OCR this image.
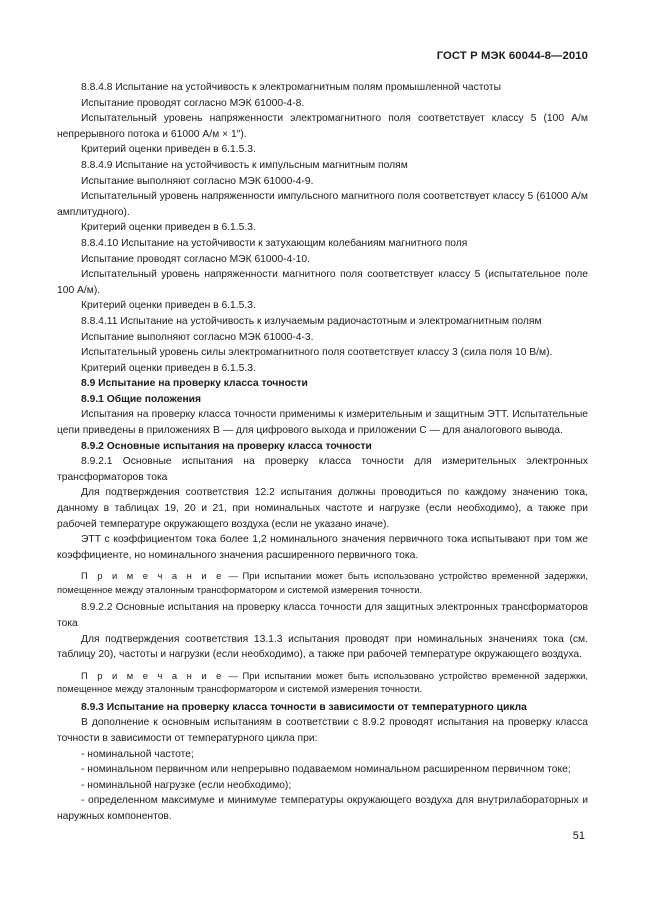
ГОСТ Р МЭК 60044-8—2010

8.8.4.8 Испытание на устойчивость к электромагнитным полям промышленной частоты

Испытание проводят согласно МЭК 61000-4-8.

Испытательный уровень напряженности электромагнитного поля соответствует классу 5 (100 А/м непрерывного потока и 61000 А/м × 1″).

Критерий оценки приведен в 6.1.5.3.

8.8.4.9 Испытание на устойчивость к импульсным магнитным полям

Испытание выполняют согласно МЭК 61000-4-9.

Испытательный уровень напряженности импульсного магнитного поля соответствует классу 5 (61000 А/м амплитудного).

Критерий оценки приведен в 6.1.5.3.

8.8.4.10 Испытание на устойчивости к затухающим колебаниям магнитного поля

Испытание проводят согласно МЭК 61000-4-10.

Испытательный уровень напряженности магнитного поля соответствует классу 5 (испытательное поле 100 А/м).

Критерий оценки приведен в 6.1.5.3.

8.8.4.11 Испытание на устойчивость к излучаемым радиочастотным и электромагнитным полям

Испытание выполняют согласно МЭК 61000-4-3.

Испытательный уровень силы электромагнитного поля соответствует классу 3 (сила поля 10 В/м).

Критерий оценки приведен в 6.1.5.3.

8.9 Испытание на проверку класса точности

8.9.1 Общие положения

Испытания на проверку класса точности применимы к измерительным и защитным ЭТТ. Испытательные цепи приведены в приложениях В — для цифрового выхода и приложении С — для аналогового вывода.

8.9.2 Основные испытания на проверку класса точности

8.9.2.1 Основные испытания на проверку класса точности для измерительных электронных трансформаторов тока

Для подтверждения соответствия 12.2 испытания должны проводиться по каждому значению тока, данному в таблицах 19, 20 и 21, при номинальных частоте и нагрузке (если необходимо), а также при рабочей температуре окружающего воздуха (если не указано иначе).

ЭТТ с коэффициентом тока более 1,2 номинального значения первичного тока испытывают при том же коэффициенте, но номинального значения расширенного первичного тока.

П р и м е ч а н и е — При испытании может быть использовано устройство временной задержки, помещенное между эталонным трансформатором и системой измерения точности.

8.9.2.2 Основные испытания на проверку класса точности для защитных электронных трансформаторов тока

Для подтверждения соответствия 13.1.3 испытания проводят при номинальных значениях тока (см. таблицу 20), частоты и нагрузки (если необходимо), а также при рабочей температуре окружающего воздуха.

П р и м е ч а н и е — При испытании может быть использовано устройство временной задержки, помещенное между эталонным трансформатором и системой измерения точности.

8.9.3 Испытание на проверку класса точности в зависимости от температурного цикла

В дополнение к основным испытаниям в соответствии с 8.9.2 проводят испытания на проверку класса точности в зависимости от температурного цикла при:

- номинальной частоте;

- номинальном первичном или непрерывно подаваемом номинальном расширенном первичном токе;

- номинальной нагрузке (если необходимо);

- определенном максимуме и минимуме температуры окружающего воздуха для внутрилабораторных и наружных компонентов.

51
